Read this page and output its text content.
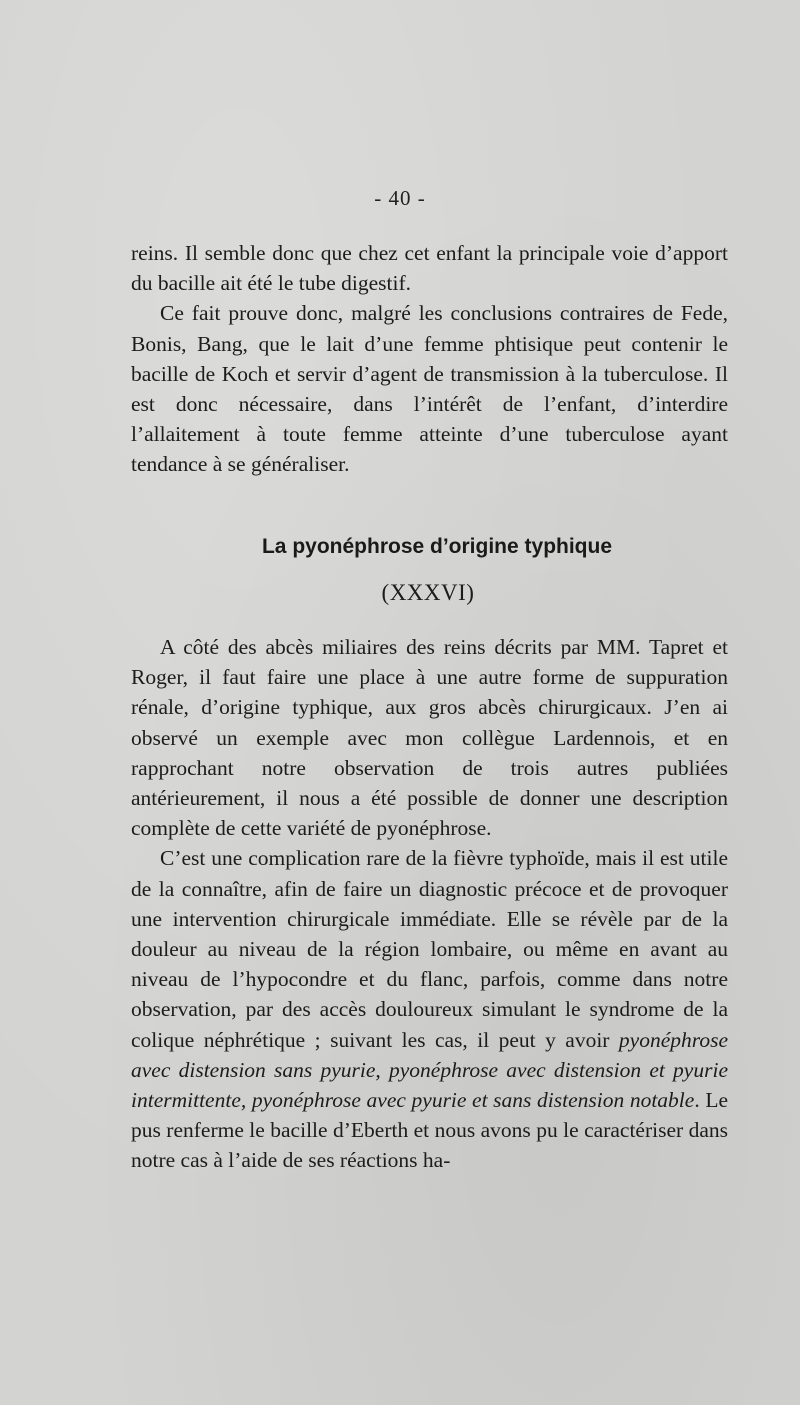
- 40 -

reins. Il semble donc que chez cet enfant la principale voie d’apport du bacille ait été le tube digestif.

Ce fait prouve donc, malgré les conclusions contraires de Fede, Bonis, Bang, que le lait d’une femme phtisique peut contenir le bacille de Koch et servir d’agent de transmission à la tuberculose. Il est donc nécessaire, dans l’intérêt de l’enfant, d’interdire l’allaitement à toute femme atteinte d’une tuberculose ayant tendance à se généraliser.

La pyonéphrose d’origine typhique
(XXXVI)

A côté des abcès miliaires des reins décrits par MM. Tapret et Roger, il faut faire une place à une autre forme de suppuration rénale, d’origine typhique, aux gros abcès chirurgicaux. J’en ai observé un exemple avec mon collègue Lardennois, et en rapprochant notre observation de trois autres publiées antérieurement, il nous a été possible de donner une description complète de cette variété de pyonéphrose.

C’est une complication rare de la fièvre typhoïde, mais il est utile de la connaître, afin de faire un diagnostic précoce et de provoquer une intervention chirurgicale immédiate. Elle se révèle par de la douleur au niveau de la région lombaire, ou même en avant au niveau de l’hypocondre et du flanc, parfois, comme dans notre observation, par des accès douloureux simulant le syndrome de la colique néphrétique ; suivant les cas, il peut y avoir pyonéphrose avec distension sans pyurie, pyonéphrose avec distension et pyurie intermittente, pyonéphrose avec pyurie et sans distension notable. Le pus renferme le bacille d’Eberth et nous avons pu le caractériser dans notre cas à l’aide de ses réactions ha-
